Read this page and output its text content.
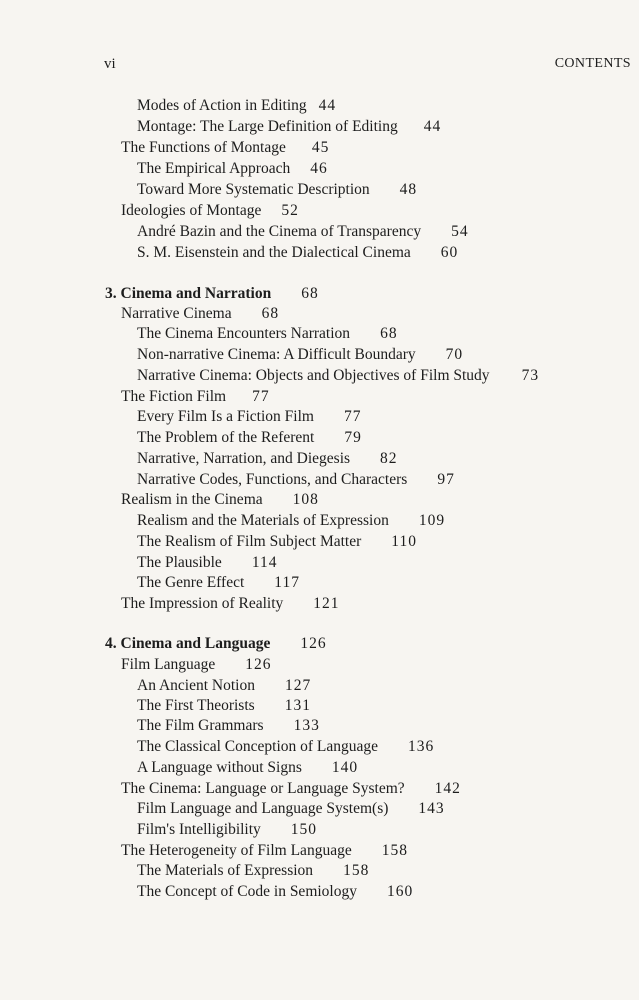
vi	CONTENTS
Modes of Action in Editing 44
Montage: The Large Definition of Editing 44
The Functions of Montage 45
The Empirical Approach 46
Toward More Systematic Description 48
Ideologies of Montage 52
André Bazin and the Cinema of Transparency 54
S. M. Eisenstein and the Dialectical Cinema 60
3. Cinema and Narration 68
Narrative Cinema 68
The Cinema Encounters Narration 68
Non-narrative Cinema: A Difficult Boundary 70
Narrative Cinema: Objects and Objectives of Film Study 73
The Fiction Film 77
Every Film Is a Fiction Film 77
The Problem of the Referent 79
Narrative, Narration, and Diegesis 82
Narrative Codes, Functions, and Characters 97
Realism in the Cinema 108
Realism and the Materials of Expression 109
The Realism of Film Subject Matter 110
The Plausible 114
The Genre Effect 117
The Impression of Reality 121
4. Cinema and Language 126
Film Language 126
An Ancient Notion 127
The First Theorists 131
The Film Grammars 133
The Classical Conception of Language 136
A Language without Signs 140
The Cinema: Language or Language System? 142
Film Language and Language System(s) 143
Film's Intelligibility 150
The Heterogeneity of Film Language 158
The Materials of Expression 158
The Concept of Code in Semiology 160
